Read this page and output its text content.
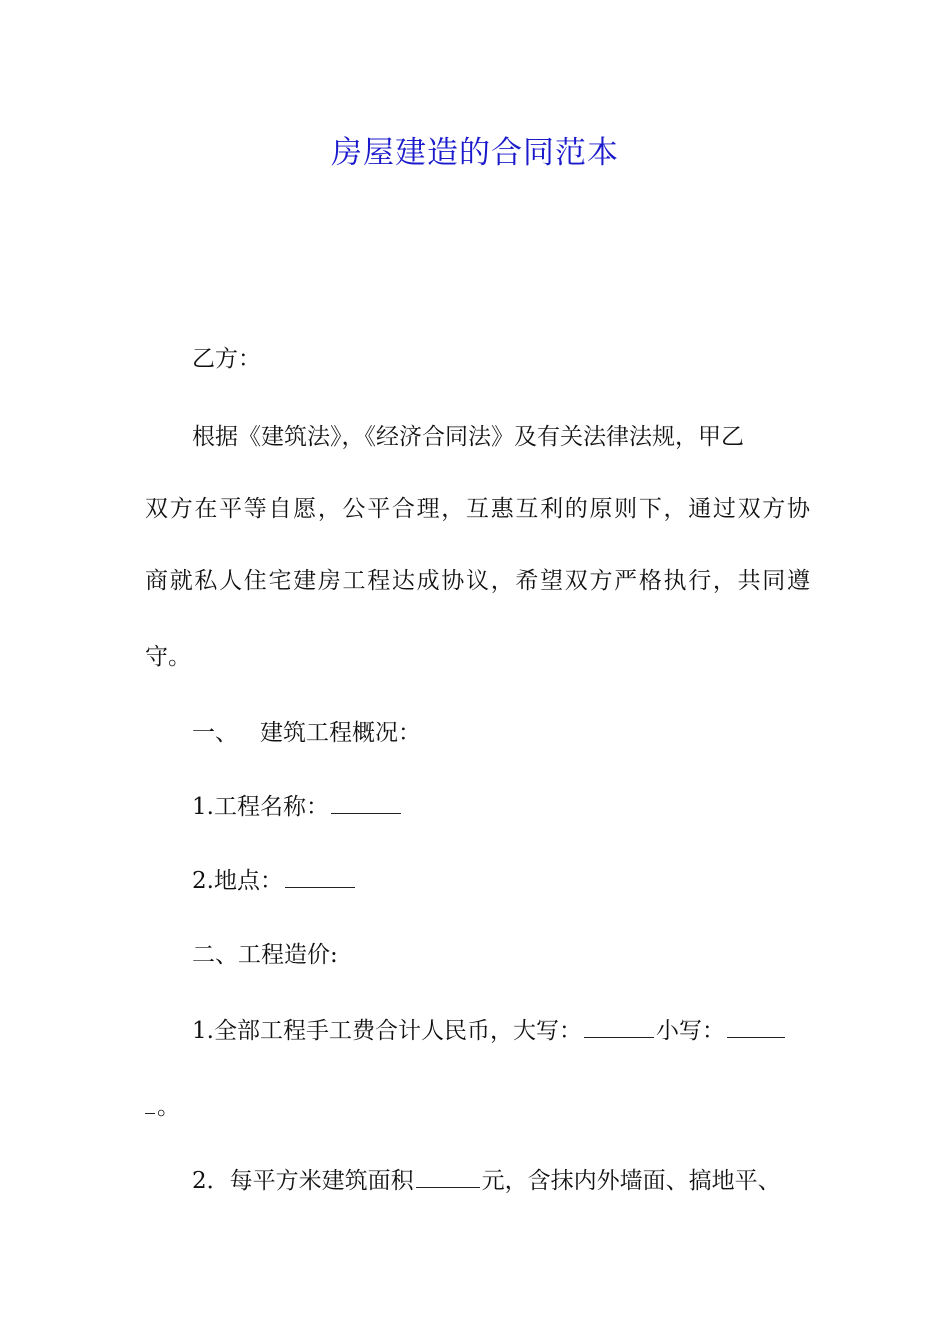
房屋建造的合同范本
乙方：
根据《建筑法》，《经济合同法》及有关法律法规，甲乙
双方在平等自愿，公平合理，互惠互利的原则下，通过双方协
商就私人住宅建房工程达成协议，希望双方严格执行，共同遵
守。
一、 建筑工程概况：
1.工程名称：
2.地点：
二、工程造价:
1.全部工程手工费合计人民币，大写：	小写：
。
2．每平方米建筑面积	元，含抹内外墙面、搞地平、
